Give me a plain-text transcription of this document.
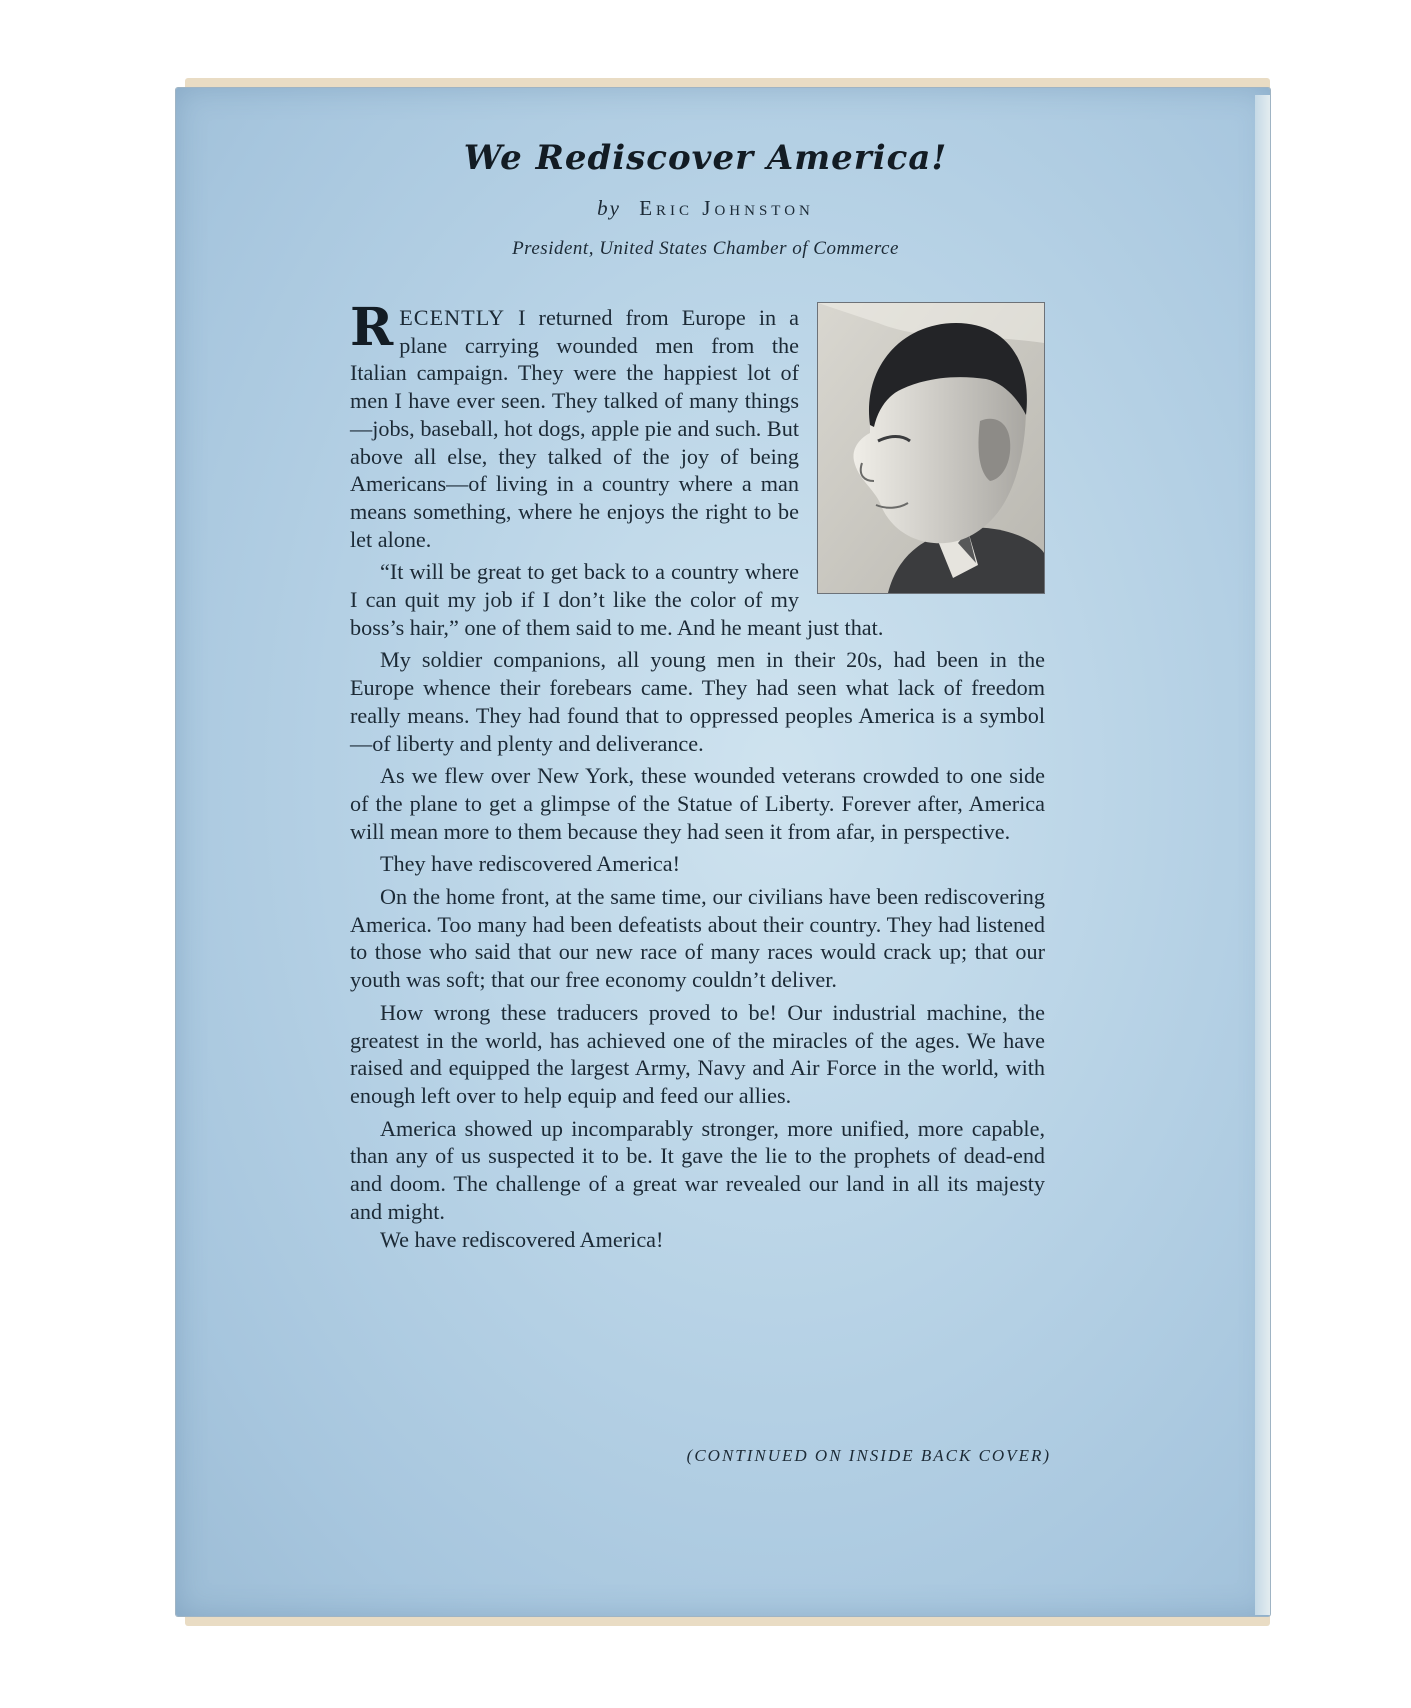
We Rediscover America!

by Eric Johnston

President, United States Chamber of Commerce

RECENTLY I returned from Europe in a plane carrying wounded men from the Italian campaign. They were the happiest lot of men I have ever seen. They talked of many things—jobs, baseball, hot dogs, apple pie and such. But above all else, they talked of the joy of being Americans—of living in a country where a man means something, where he enjoys the right to be let alone.

“It will be great to get back to a country where I can quit my job if I don’t like the color of my boss’s hair,” one of them said to me. And he meant just that.

My soldier companions, all young men in their 20s, had been in the Europe whence their forebears came. They had seen what lack of freedom really means. They had found that to oppressed peoples America is a symbol—of liberty and plenty and deliverance.

As we flew over New York, these wounded veterans crowded to one side of the plane to get a glimpse of the Statue of Liberty. Forever after, America will mean more to them because they had seen it from afar, in perspective.

They have rediscovered America!

On the home front, at the same time, our civilians have been rediscovering America. Too many had been defeatists about their country. They had listened to those who said that our new race of many races would crack up; that our youth was soft; that our free economy couldn’t deliver.

How wrong these traducers proved to be! Our industrial machine, the greatest in the world, has achieved one of the miracles of the ages. We have raised and equipped the largest Army, Navy and Air Force in the world, with enough left over to help equip and feed our allies.

America showed up incomparably stronger, more unified, more capable, than any of us suspected it to be. It gave the lie to the prophets of dead-end and doom. The challenge of a great war revealed our land in all its majesty and might.

We have rediscovered America!

(CONTINUED ON INSIDE BACK COVER)
